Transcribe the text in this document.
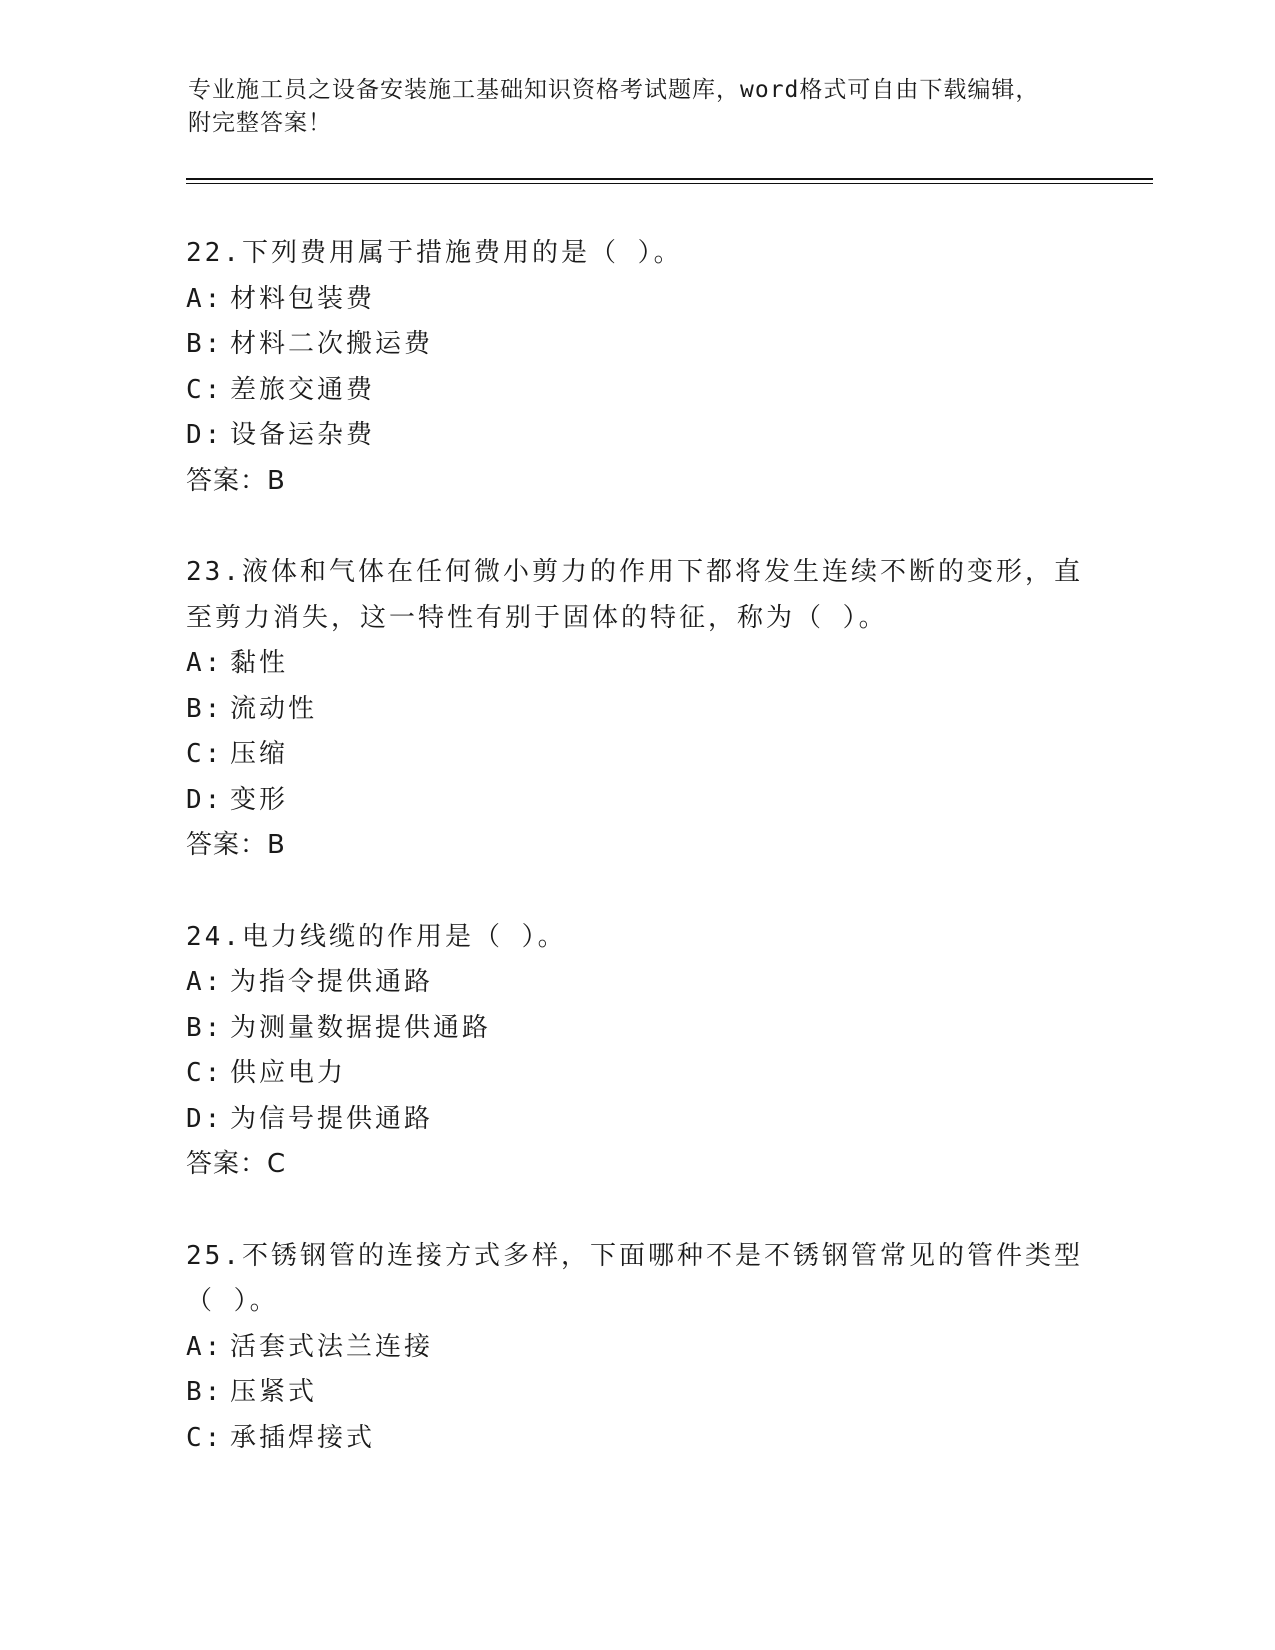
专业施工员之设备安装施工基础知识资格考试题库，word格式可自由下载编辑，
附完整答案！
22.下列费用属于措施费用的是（ ）。
A: 材料包装费
B: 材料二次搬运费
C: 差旅交通费
D: 设备运杂费
答案：B
23.液体和气体在任何微小剪力的作用下都将发生连续不断的变形，直至剪力消失，这一特性有别于固体的特征，称为（ ）。
A: 黏性
B: 流动性
C: 压缩
D: 变形
答案：B
24.电力线缆的作用是（ ）。
A: 为指令提供通路
B: 为测量数据提供通路
C: 供应电力
D: 为信号提供通路
答案：C
25.不锈钢管的连接方式多样，下面哪种不是不锈钢管常见的管件类型（ ）。
A: 活套式法兰连接
B: 压紧式
C: 承插焊接式
